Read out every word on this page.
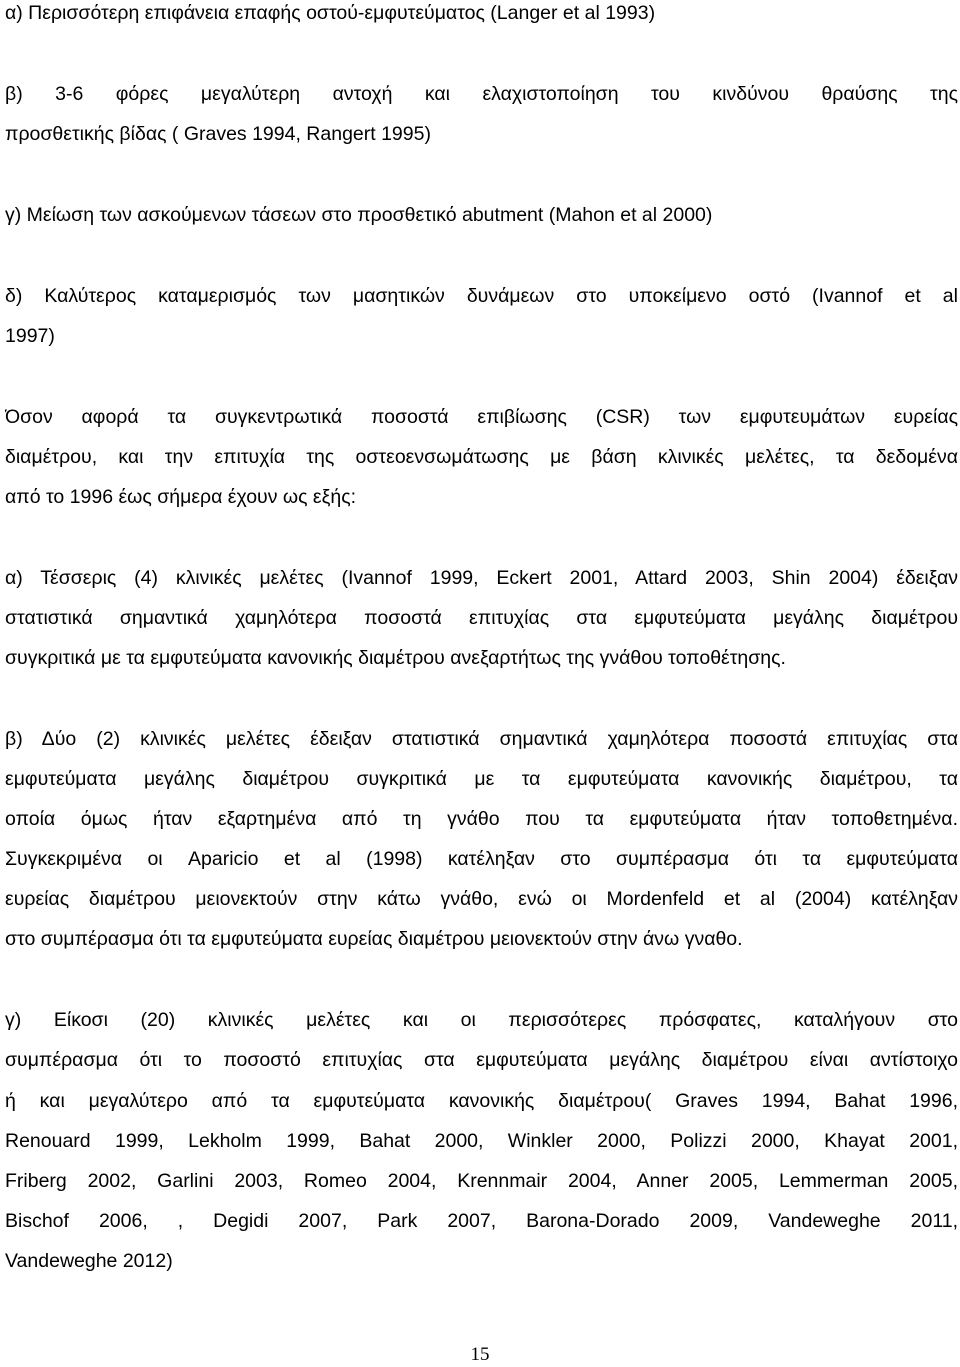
α) Περισσότερη επιφάνεια επαφής οστού-εμφυτεύματος (Langer et al 1993)
β) 3-6 φόρες μεγαλύτερη αντοχή και ελαχιστοποίηση του κινδύνου θραύσης της
προσθετικής βίδας ( Graves 1994, Rangert 1995)
γ) Μείωση των ασκούμενων τάσεων στο προσθετικό abutment (Mahon et al 2000)
δ) Καλύτερος καταμερισμός των μασητικών δυνάμεων στο υποκείμενο οστό (Ivannof et al
1997)
Όσον αφορά τα συγκεντρωτικά ποσοστά επιβίωσης (CSR) των εμφυτευμάτων ευρείας
διαμέτρου, και την επιτυχία της οστεοενσωμάτωσης με βάση κλινικές μελέτες, τα δεδομένα
από το 1996 έως σήμερα έχουν ως εξής:
α) Τέσσερις (4) κλινικές μελέτες (Ivannof 1999, Eckert 2001, Attard 2003, Shin 2004) έδειξαν
στατιστικά σημαντικά χαμηλότερα ποσοστά επιτυχίας στα εμφυτεύματα μεγάλης διαμέτρου
συγκριτικά με τα εμφυτεύματα κανονικής διαμέτρου ανεξαρτήτως της γνάθου τοποθέτησης.
β) Δύο (2) κλινικές μελέτες έδειξαν στατιστικά σημαντικά χαμηλότερα ποσοστά επιτυχίας στα
εμφυτεύματα μεγάλης διαμέτρου συγκριτικά με τα εμφυτεύματα κανονικής διαμέτρου, τα
οποία όμως ήταν εξαρτημένα από τη γνάθο που τα εμφυτεύματα ήταν τοποθετημένα.
Συγκεκριμένα οι Aparicio et al (1998) κατέληξαν στο συμπέρασμα ότι τα εμφυτεύματα
ευρείας διαμέτρου μειονεκτούν στην κάτω γνάθο, ενώ οι Mordenfeld et al (2004) κατέληξαν
στο συμπέρασμα ότι τα εμφυτεύματα ευρείας διαμέτρου μειονεκτούν στην άνω γναθο.
γ) Είκοσι (20) κλινικές μελέτες και οι περισσότερες πρόσφατες, καταλήγουν στο
συμπέρασμα ότι το ποσοστό επιτυχίας στα εμφυτεύματα μεγάλης διαμέτρου είναι αντίστοιχο
ή και μεγαλύτερο από τα εμφυτεύματα κανονικής διαμέτρου( Graves 1994, Bahat 1996,
Renouard 1999, Lekholm 1999, Bahat 2000, Winkler 2000, Polizzi 2000, Khayat 2001,
Friberg 2002, Garlini 2003, Romeo 2004, Krennmair 2004, Anner 2005, Lemmerman 2005,
Bischof 2006, , Degidi 2007, Park 2007, Barona-Dorado 2009, Vandeweghe 2011,
Vandeweghe 2012)
15
